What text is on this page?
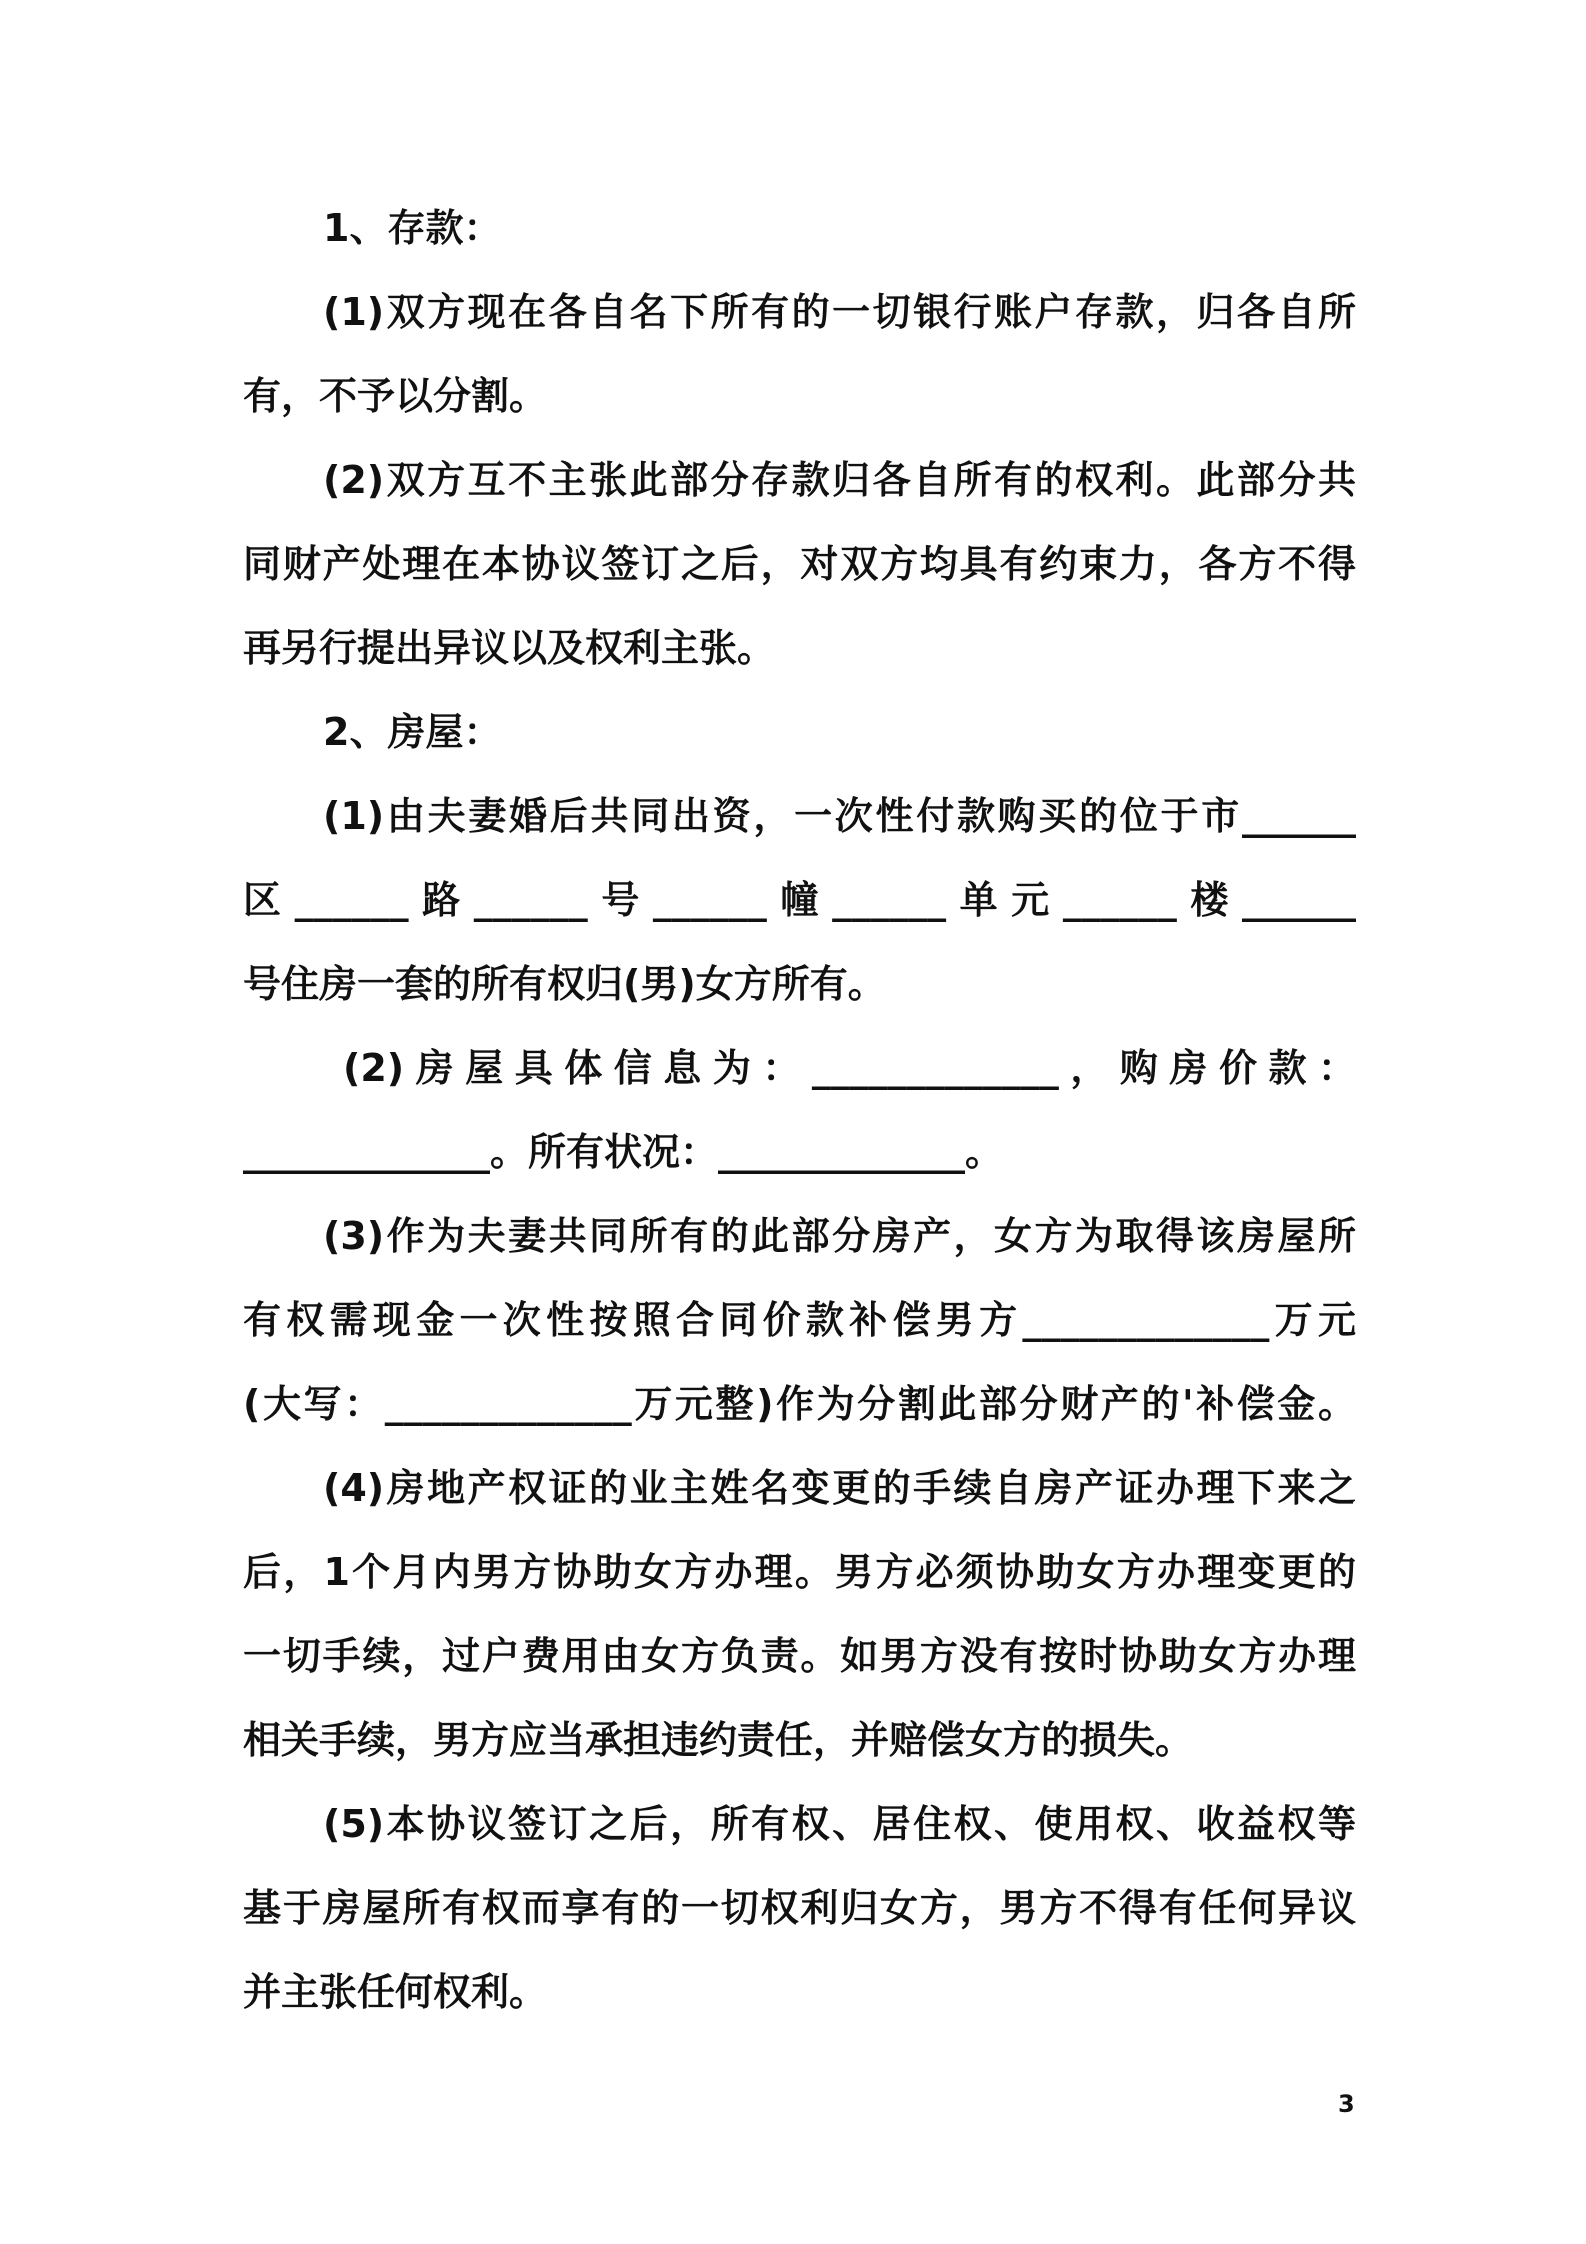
1、存款：
(1)双方现在各自名下所有的一切银行账户存款，归各自所
有，不予以分割。
(2)双方互不主张此部分存款归各自所有的权利。此部分共
同财产处理在本协议签订之后，对双方均具有约束力，各方不得
再另行提出异议以及权利主张。
2、房屋：
(1)由夫妻婚后共同出资，一次性付款购买的位于市______
区______路______号______幢______单元______楼______
号住房一套的所有权归(男)女方所有。
(2)房屋具体信息为：_____________，购房价款：
_____________。所有状况：_____________。
(3)作为夫妻共同所有的此部分房产，女方为取得该房屋所
有权需现金一次性按照合同价款补偿男方_____________万元
(大写：_____________万元整)作为分割此部分财产的'补偿金。
(4)房地产权证的业主姓名变更的手续自房产证办理下来之
后，1个月内男方协助女方办理。男方必须协助女方办理变更的
一切手续，过户费用由女方负责。如男方没有按时协助女方办理
相关手续，男方应当承担违约责任，并赔偿女方的损失。
(5)本协议签订之后，所有权、居住权、使用权、收益权等
基于房屋所有权而享有的一切权利归女方，男方不得有任何异议
并主张任何权利。
3
